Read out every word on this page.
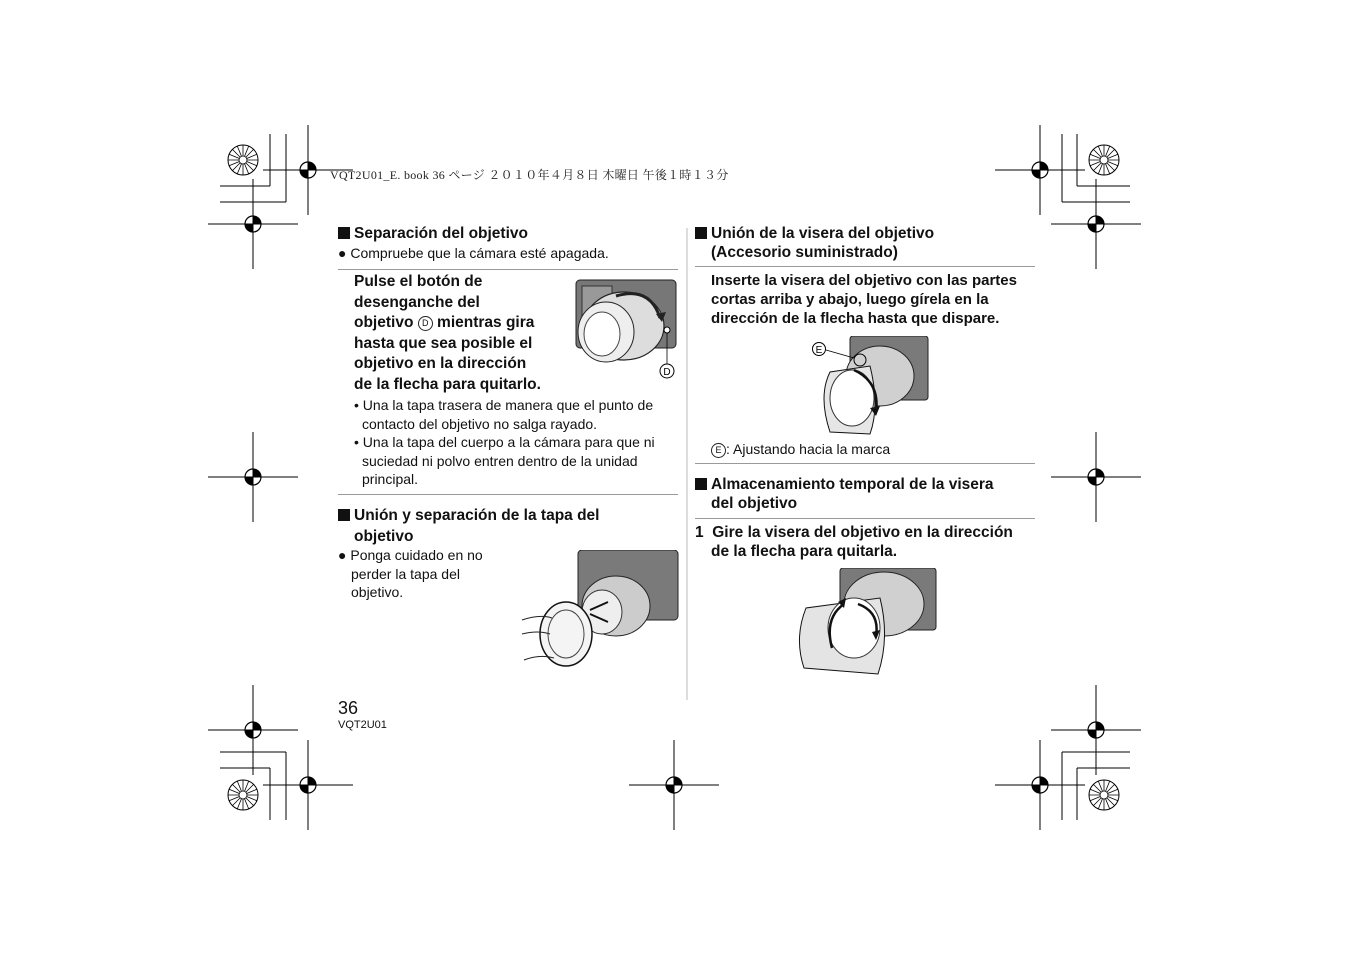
VQT2U01_E. book 36 ページ ２０１０年４月８日 木曜日 午後１時１３分
Separación del objetivo
● Compruebe que la cámara esté apagada.
Pulse el botón de
desenganche del
objetivo D mientras gira
hasta que sea posible el
objetivo en la dirección
de la flecha para quitarlo.
D
• Una la tapa trasera de manera que el punto de
contacto del objetivo no salga rayado.
• Una la tapa del cuerpo a la cámara para que ni
suciedad ni polvo entren dentro de la unidad
principal.
Unión y separación de la tapa del
objetivo
● Ponga cuidado en no
perder la tapa del
objetivo.
36
VQT2U01
Unión de la visera del objetivo
(Accesorio suministrado)
Inserte la visera del objetivo con las partes
cortas arriba y abajo, luego gírela en la
dirección de la flecha hasta que dispare.
E
E : Ajustando hacia la marca
Almacenamiento temporal de la visera
del objetivo
1 Gire la visera del objetivo en la dirección
de la flecha para quitarla.
